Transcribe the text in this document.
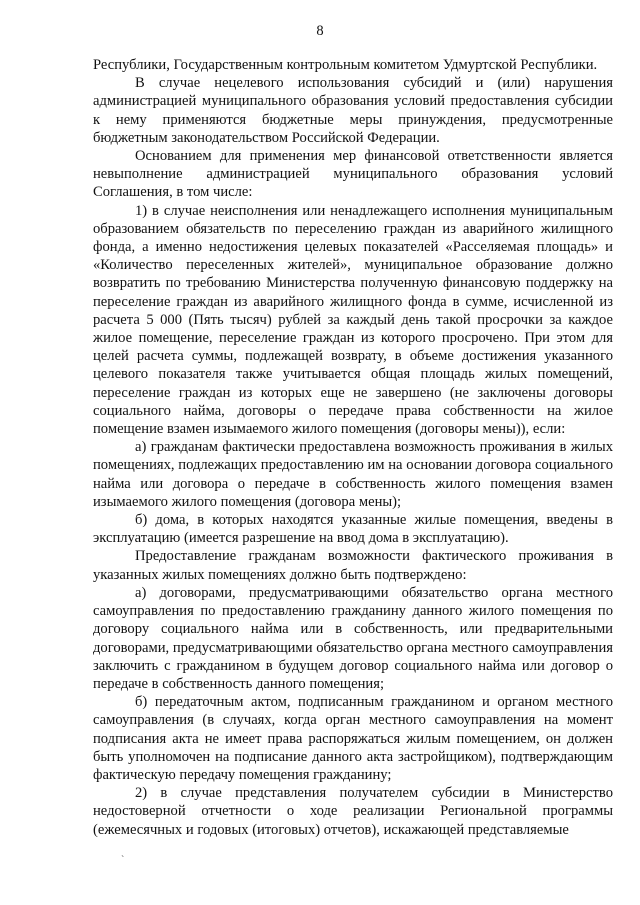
8

Республики, Государственным контрольным комитетом Удмуртской Республики.

В случае нецелевого использования субсидий и (или) нарушения администрацией муниципального образования условий предоставления субсидии к нему применяются бюджетные меры принуждения, предусмотренные бюджетным законодательством Российской Федерации.

Основанием для применения мер финансовой ответственности является невыполнение администрацией муниципального образования условий Соглашения, в том числе:

1) в случае неисполнения или ненадлежащего исполнения муниципальным образованием обязательств по переселению граждан из аварийного жилищного фонда, а именно недостижения целевых показателей «Расселяемая площадь» и «Количество переселенных жителей», муниципальное образование должно возвратить по требованию Министерства полученную финансовую поддержку на переселение граждан из аварийного жилищного фонда в сумме, исчисленной из расчета 5 000 (Пять тысяч) рублей за каждый день такой просрочки за каждое жилое помещение, переселение граждан из которого просрочено. При этом для целей расчета суммы, подлежащей возврату, в объеме достижения указанного целевого показателя также учитывается общая площадь жилых помещений, переселение граждан из которых еще не завершено (не заключены договоры социального найма, договоры о передаче права собственности на жилое помещение взамен изымаемого жилого помещения (договоры мены)), если:

а) гражданам фактически предоставлена возможность проживания в жилых помещениях, подлежащих предоставлению им на основании договора социального найма или договора о передаче в собственность жилого помещения взамен изымаемого жилого помещения (договора мены);

б) дома, в которых находятся указанные жилые помещения, введены в эксплуатацию (имеется разрешение на ввод дома в эксплуатацию).

Предоставление гражданам возможности фактического проживания в указанных жилых помещениях должно быть подтверждено:

а) договорами, предусматривающими обязательство органа местного самоуправления по предоставлению гражданину данного жилого помещения по договору социального найма или в собственность, или предварительными договорами, предусматривающими обязательство органа местного самоуправления заключить с гражданином в будущем договор социального найма или договор о передаче в собственность данного помещения;

б) передаточным актом, подписанным гражданином и органом местного самоуправления (в случаях, когда орган местного самоуправления на момент подписания акта не имеет права распоряжаться жилым помещением, он должен быть уполномочен на подписание данного акта застройщиком), подтверждающим фактическую передачу помещения гражданину;

2) в случае представления получателем субсидии в Министерство недостоверной отчетности о ходе реализации Региональной программы (ежемесячных и годовых (итоговых) отчетов), искажающей представляемые

`
